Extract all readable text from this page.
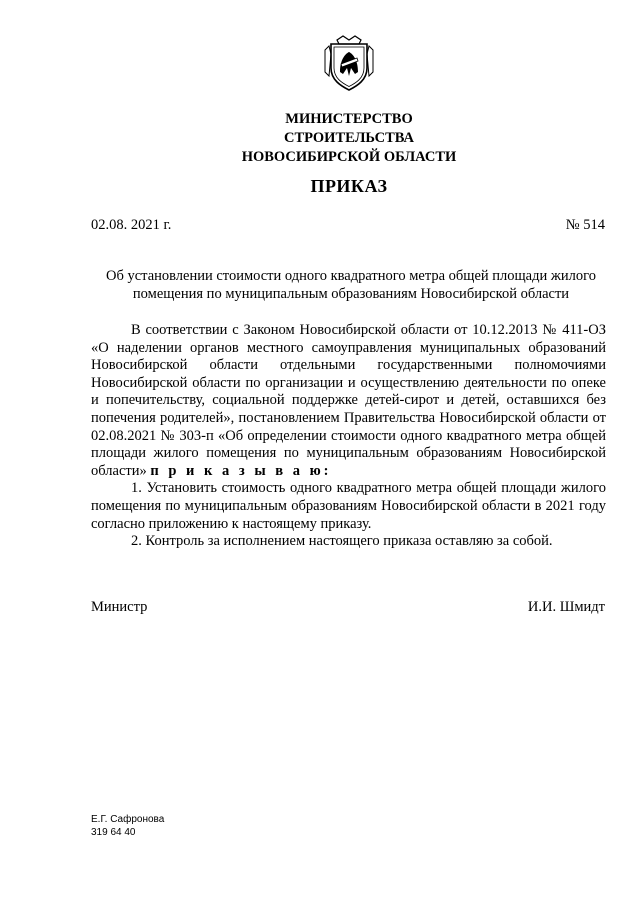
МИНИСТЕРСТВО
СТРОИТЕЛЬСТВА
НОВОСИБИРСКОЙ ОБЛАСТИ
ПРИКАЗ
02.08. 2021 г.	№ 514
Об установлении стоимости одного квадратного метра общей площади жилого помещения по муниципальным образованиям Новосибирской области

В соответствии с Законом Новосибирской области от 10.12.2013 № 411-ОЗ «О наделении органов местного самоуправления муниципальных образований Новосибирской области отдельными государственными полномочиями Новосибирской области по организации и осуществлению деятельности по опеке и попечительству, социальной поддержке детей-сирот и детей, оставшихся без попечения родителей», постановлением Правительства Новосибирской области от 02.08.2021 № 303-п «Об определении стоимости одного квадратного метра общей площади жилого помещения по муниципальным образованиям Новосибирской области» п р и к а з ы в а ю:

1. Установить стоимость одного квадратного метра общей площади жилого помещения по муниципальным образованиям Новосибирской области в 2021 году согласно приложению к настоящему приказу.

2. Контроль за исполнением настоящего приказа оставляю за собой.

Министр	И.И. Шмидт
Е.Г. Сафронова
319 64 40
